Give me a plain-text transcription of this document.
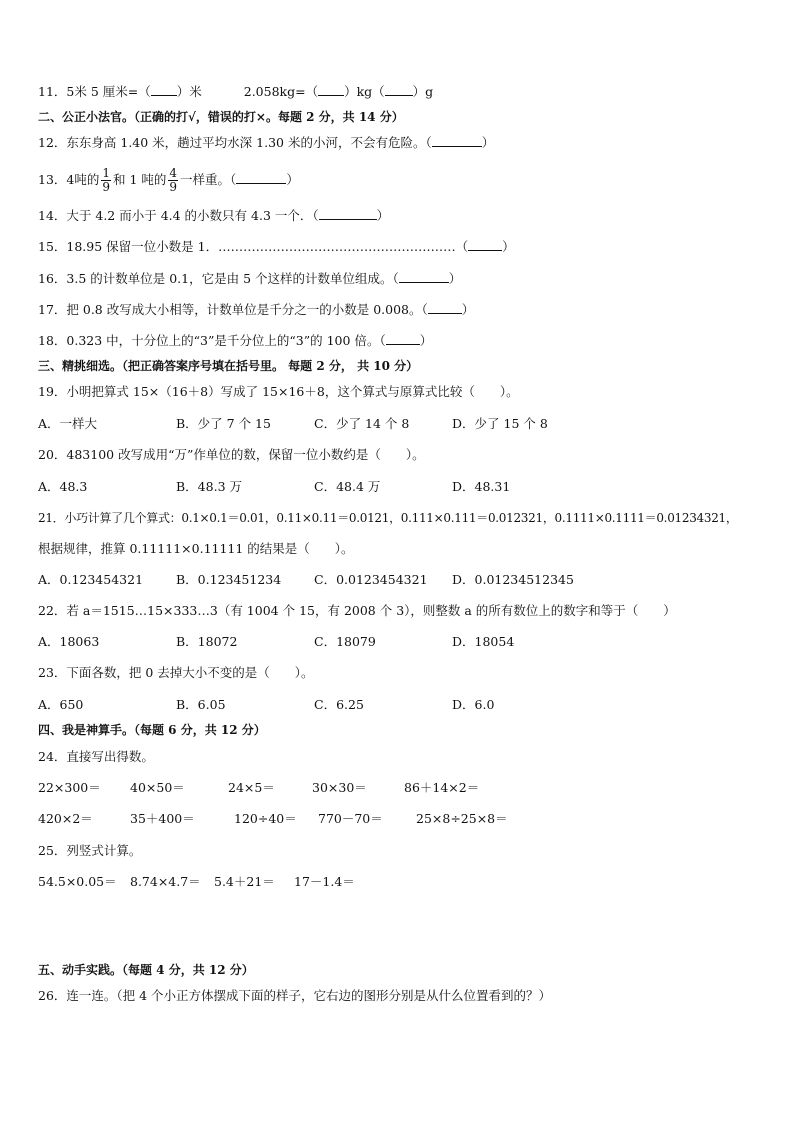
11．5米 5 厘米=（ ）米	2.058kg=（ ）kg（ ）g
二、公正小法官。（正确的打√，错误的打×。每题 2 分，共 14 分）
12．东东身高 1.40 米，趟过平均水深 1.30 米的小河，不会有危险。（	）
13．4吨的 $\frac{1}{9}$ 和 1 吨的 $\frac{4}{9}$ 一样重。（	）
14．大于 4.2 而小于 4.4 的小数只有 4.3 一个．（	）
15．18.95 保留一位小数是 1．…………………………………………………（	）
16．3.5 的计数单位是 0.1，它是由 5 个这样的计数单位组成。（	）
17．把 0.8 改写成大小相等，计数单位是千分之一的小数是 0.008。（	）
18．0.323 中，十分位上的“3”是千分位上的“3”的 100 倍。（	）
三、精挑细选。（把正确答案序号填在括号里。 每题 2 分， 共 10 分）
19．小明把算式 15×（16＋8）写成了 15×16＋8，这个算式与原算式比较（　　）。
A．一样大	B．少了 7 个 15	C．少了 14 个 8	D．少了 15 个 8
20．483100 改写成用“万”作单位的数，保留一位小数约是（　　）。
A．48.3	B．48.3 万	C．48.4 万	D．48.31
21．小巧计算了几个算式：0.1×0.1＝0.01，0.11×0.11＝0.0121，0.111×0.111＝0.012321，0.1111×0.1111＝0.01234321，
根据规律，推算 0.11111×0.11111 的结果是（　　）。
A．0.123454321	B．0.123451234	C．0.0123454321 D．0.01234512345
22．若 a＝1515…15×333…3（有 1004 个 15，有 2008 个 3），则整数 a 的所有数位上的数字和等于（　　）
A．18063	B．18072	C．18079	D．18054
23．下面各数，把 0 去掉大小不变的是（　　）。
A．650	B．6.05	C．6.25	D．6.0
四、我是神算手。（每题 6 分，共 12 分）
24．直接写出得数。
22×300＝ 40×50＝	24×5＝	30×30＝	86＋14×2＝
420×2＝	35＋400＝	120÷40＝ 770－70＝	25×8÷25×8＝
25．列竖式计算。
54.5×0.05＝ 8.74×4.7＝ 5.4＋21＝ 17－1.4＝
五、动手实践。（每题 4 分，共 12 分）
26．连一连。（把 4 个小正方体摆成下面的样子，它右边的图形分别是从什么位置看到的？）
